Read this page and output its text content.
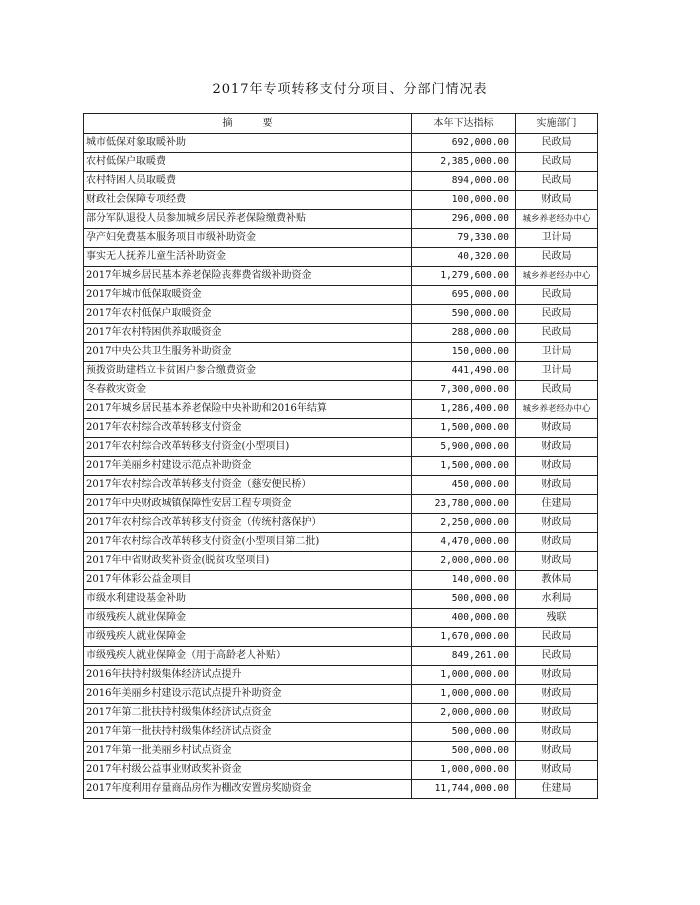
2017年专项转移支付分项目、分部门情况表
摘　　　要	本年下达指标	实施部门
城市低保对象取暖补助	692,000.00	民政局
农村低保户取暖费	2,385,000.00	民政局
农村特困人员取暖费	894,000.00	民政局
财政社会保障专项经费	100,000.00	财政局
部分军队退役人员参加城乡居民养老保险缴费补贴	296,000.00	城乡养老经办中心
孕产妇免费基本服务项目市级补助资金	79,330.00	卫计局
事实无人抚养儿童生活补助资金	40,320.00	民政局
2017年城乡居民基本养老保险丧葬费省级补助资金	1,279,600.00	城乡养老经办中心
2017年城市低保取暖资金	695,000.00	民政局
2017年农村低保户取暖资金	590,000.00	民政局
2017年农村特困供养取暖资金	288,000.00	民政局
2017中央公共卫生服务补助资金	150,000.00	卫计局
预拨资助建档立卡贫困户参合缴费资金	441,490.00	卫计局
冬春救灾资金	7,300,000.00	民政局
2017年城乡居民基本养老保险中央补助和2016年结算	1,286,400.00	城乡养老经办中心
2017年农村综合改革转移支付资金	1,500,000.00	财政局
2017年农村综合改革转移支付资金(小型项目)	5,900,000.00	财政局
2017年美丽乡村建设示范点补助资金	1,500,000.00	财政局
2017年农村综合改革转移支付资金（慈安便民桥）	450,000.00	财政局
2017年中央财政城镇保障性安居工程专项资金	23,780,000.00	住建局
2017年农村综合改革转移支付资金（传统村落保护）	2,250,000.00	财政局
2017年农村综合改革转移支付资金(小型项目第二批)	4,470,000.00	财政局
2017年中省财政奖补资金(脱贫攻坚项目)	2,000,000.00	财政局
2017年体彩公益金项目	140,000.00	教体局
市级水利建设基金补助	500,000.00	水利局
市级残疾人就业保障金	400,000.00	残联
市级残疾人就业保障金	1,670,000.00	民政局
市级残疾人就业保障金（用于高龄老人补贴）	849,261.00	民政局
2016年扶持村级集体经济试点提升	1,000,000.00	财政局
2016年美丽乡村建设示范试点提升补助资金	1,000,000.00	财政局
2017年第二批扶持村级集体经济试点资金	2,000,000.00	财政局
2017年第一批扶持村级集体经济试点资金	500,000.00	财政局
2017年第一批美丽乡村试点资金	500,000.00	财政局
2017年村级公益事业财政奖补资金	1,000,000.00	财政局
2017年度利用存量商品房作为棚改安置房奖励资金	11,744,000.00	住建局
